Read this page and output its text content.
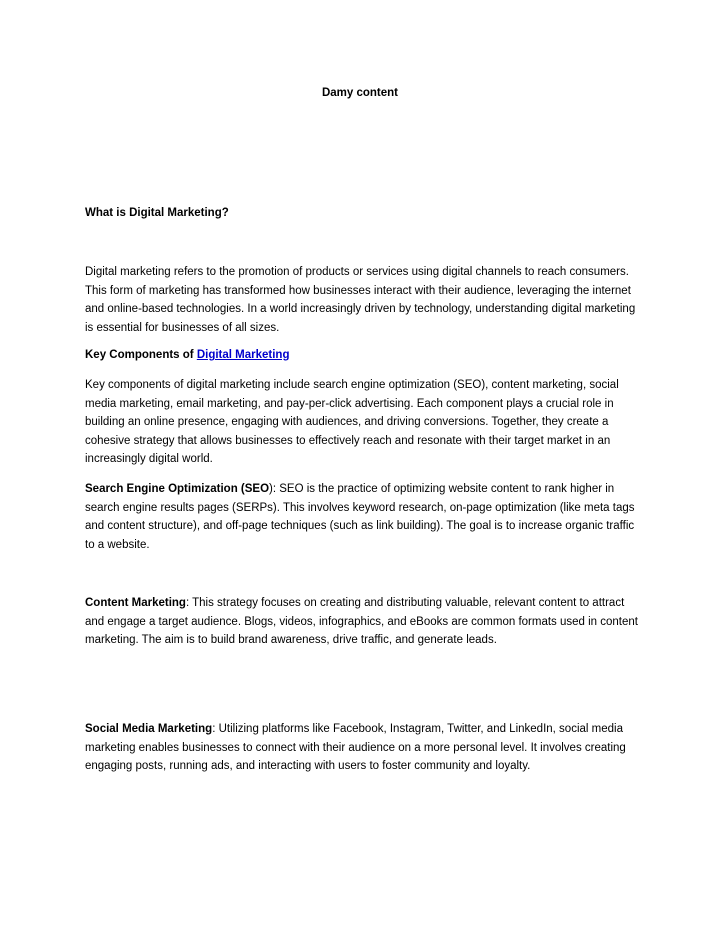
Damy content
What is Digital Marketing?

Digital marketing refers to the promotion of products or services using digital channels to reach consumers. This form of marketing has transformed how businesses interact with their audience, leveraging the internet and online-based technologies. In a world increasingly driven by technology, understanding digital marketing is essential for businesses of all sizes.

Key Components of Digital Marketing

Key components of digital marketing include search engine optimization (SEO), content marketing, social media marketing, email marketing, and pay-per-click advertising. Each component plays a crucial role in building an online presence, engaging with audiences, and driving conversions. Together, they create a cohesive strategy that allows businesses to effectively reach and resonate with their target market in an increasingly digital world.

Search Engine Optimization (SEO): SEO is the practice of optimizing website content to rank higher in search engine results pages (SERPs). This involves keyword research, on-page optimization (like meta tags and content structure), and off-page techniques (such as link building). The goal is to increase organic traffic to a website.

Content Marketing: This strategy focuses on creating and distributing valuable, relevant content to attract and engage a target audience. Blogs, videos, infographics, and eBooks are common formats used in content marketing. The aim is to build brand awareness, drive traffic, and generate leads.

Social Media Marketing: Utilizing platforms like Facebook, Instagram, Twitter, and LinkedIn, social media marketing enables businesses to connect with their audience on a more personal level. It involves creating engaging posts, running ads, and interacting with users to foster community and loyalty.
